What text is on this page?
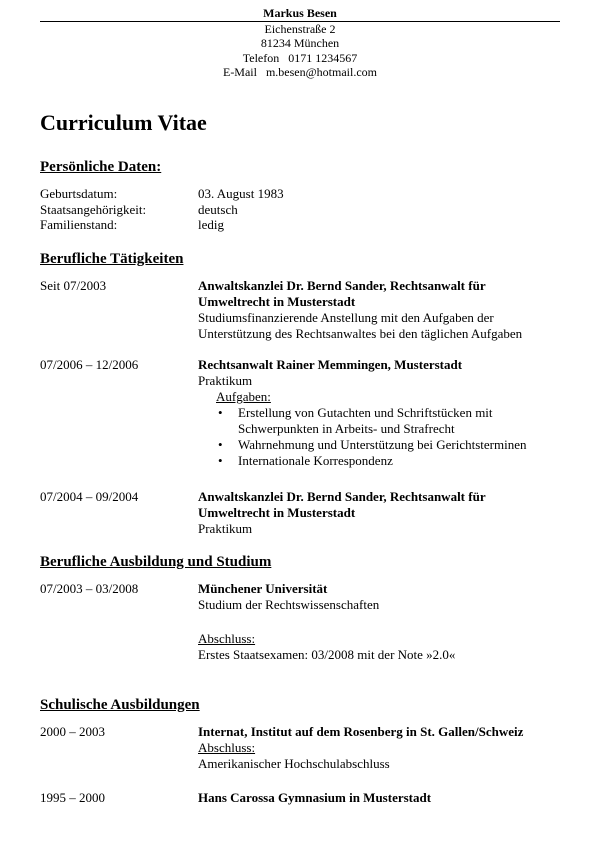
Markus Besen
Eichenstraße 2
81234 München
Telefon   0171 1234567
E-Mail   m.besen@hotmail.com
Curriculum Vitae
Persönliche Daten:
Geburtsdatum:	03. August 1983
Staatsangehörigkeit:	deutsch
Familienstand:	ledig
Berufliche Tätigkeiten
Seit 07/2003	Anwaltskanzlei Dr. Bernd Sander, Rechtsanwalt für
Umweltrecht in Musterstadt
Studiumsfinanzierende Anstellung mit den Aufgaben der
Unterstützung des Rechtsanwaltes bei den täglichen Aufgaben
07/2006 – 12/2006	Rechtsanwalt Rainer Memmingen, Musterstadt
Praktikum
Aufgaben:
• Erstellung von Gutachten und Schriftstücken mit
Schwerpunkten in Arbeits- und Strafrecht
• Wahrnehmung und Unterstützung bei Gerichtsterminen
• Internationale Korrespondenz
07/2004 – 09/2004	Anwaltskanzlei Dr. Bernd Sander, Rechtsanwalt für
Umweltrecht in Musterstadt
Praktikum
Berufliche Ausbildung und Studium
07/2003 – 03/2008	Münchener Universität
Studium der Rechtswissenschaften
Abschluss:
Erstes Staatsexamen: 03/2008 mit der Note »2.0«
Schulische Ausbildungen
2000 – 2003	Internat, Institut auf dem Rosenberg in St. Gallen/Schweiz
Abschluss:
Amerikanischer Hochschulabschluss
1995 – 2000	Hans Carossa Gymnasium in Musterstadt
